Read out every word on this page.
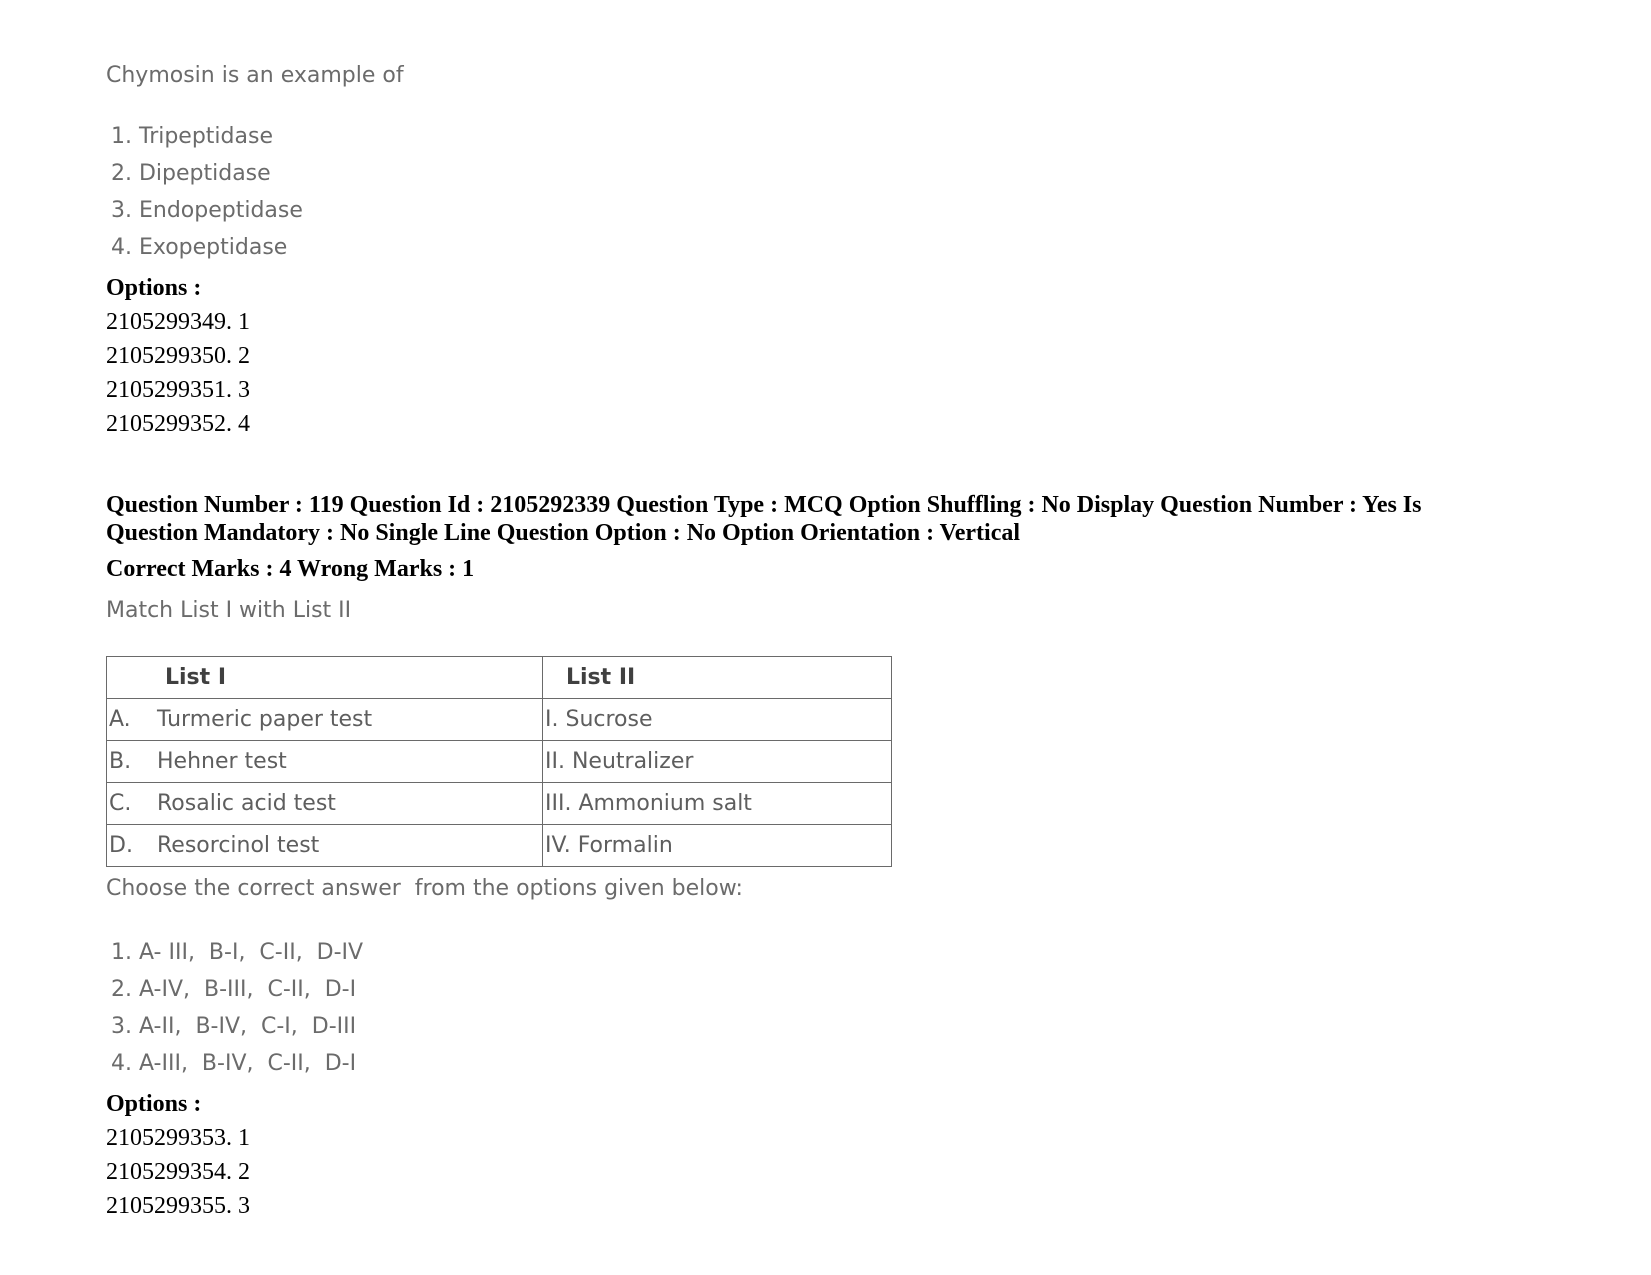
Chymosin is an example of
1. Tripeptidase
2. Dipeptidase
3. Endopeptidase
4. Exopeptidase
Options :
2105299349. 1
2105299350. 2
2105299351. 3
2105299352. 4
Question Number : 119 Question Id : 2105292339 Question Type : MCQ Option Shuffling : No Display Question Number : Yes Is
Question Mandatory : No Single Line Question Option : No Option Orientation : Vertical
Correct Marks : 4 Wrong Marks : 1
Match List I with List II
List I	List II
A. Turmeric paper test	I. Sucrose
B. Hehner test	II. Neutralizer
C. Rosalic acid test	III. Ammonium salt
D. Resorcinol test	IV. Formalin
Choose the correct answer  from the options given below:
1. A- III,  B-I,  C-II,  D-IV
2. A-IV,  B-III,  C-II,  D-I
3. A-II,  B-IV,  C-I,  D-III
4. A-III,  B-IV,  C-II,  D-I
Options :
2105299353. 1
2105299354. 2
2105299355. 3
